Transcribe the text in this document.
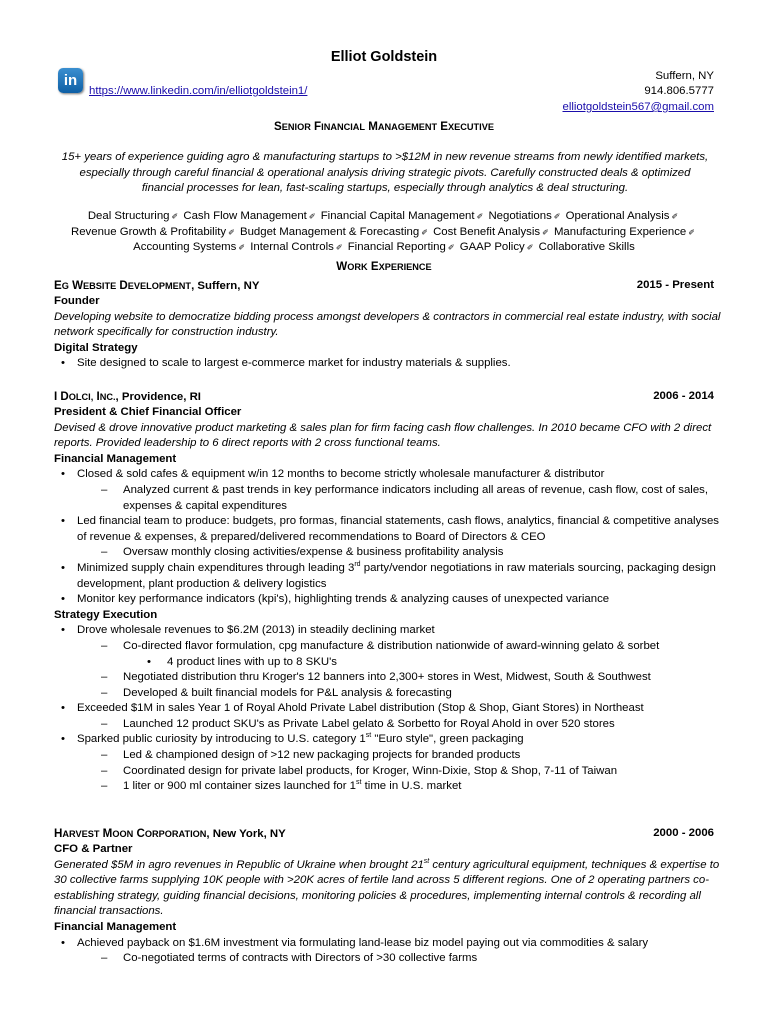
Elliot Goldstein
in
https://www.linkedin.com/in/elliotgoldstein1/
Suffern, NY
914.806.5777
elliotgoldstein567@gmail.com
SENIOR FINANCIAL MANAGEMENT EXECUTIVE
15+ years of experience guiding agro & manufacturing startups to >$12M in new revenue streams from newly identified markets, especially through careful financial & operational analysis driving strategic pivots. Carefully constructed deals & optimized financial processes for lean, fast-scaling startups, especially through analytics & deal structuring.
Deal Structuring ✐ Cash Flow Management ✐ Financial Capital Management ✐ Negotiations ✐ Operational Analysis ✐ Revenue Growth & Profitability ✐ Budget Management & Forecasting ✐ Cost Benefit Analysis ✐ Manufacturing Experience ✐ Accounting Systems ✐ Internal Controls ✐ Financial Reporting ✐ GAAP Policy ✐ Collaborative Skills
WORK EXPERIENCE
EG WEBSITE DEVELOPMENT, Suffern, NY	2015 - Present
Founder
Developing website to democratize bidding process amongst developers & contractors in commercial real estate industry, with social network specifically for construction industry.
Digital Strategy
• Site designed to scale to largest e-commerce market for industry materials & supplies.
I DOLCI, INC., Providence, RI	2006 - 2014
President & Chief Financial Officer
Devised & drove innovative product marketing & sales plan for firm facing cash flow challenges. In 2010 became CFO with 2 direct reports. Provided leadership to 6 direct reports with 2 cross functional teams.
Financial Management
• Closed & sold cafes & equipment w/in 12 months to become strictly wholesale manufacturer & distributor
– Analyzed current & past trends in key performance indicators including all areas of revenue, cash flow, cost of sales, expenses & capital expenditures
• Led financial team to produce: budgets, pro formas, financial statements, cash flows, analytics, financial & competitive analyses of revenue & expenses, & prepared/delivered recommendations to Board of Directors & CEO
– Oversaw monthly closing activities/expense & business profitability analysis
• Minimized supply chain expenditures through leading 3rd party/vendor negotiations in raw materials sourcing, packaging design development, plant production & delivery logistics
• Monitor key performance indicators (kpi's), highlighting trends & analyzing causes of unexpected variance
Strategy Execution
• Drove wholesale revenues to $6.2M (2013) in steadily declining market
– Co-directed flavor formulation, cpg manufacture & distribution nationwide of award-winning gelato & sorbet
• 4 product lines with up to 8 SKU's
– Negotiated distribution thru Kroger's 12 banners into 2,300+ stores in West, Midwest, South & Southwest
– Developed & built financial models for P&L analysis & forecasting
• Exceeded $1M in sales Year 1 of Royal Ahold Private Label distribution (Stop & Shop, Giant Stores) in Northeast
– Launched 12 product SKU's as Private Label gelato & Sorbetto for Royal Ahold in over 520 stores
• Sparked public curiosity by introducing to U.S. category 1st "Euro style", green packaging
– Led & championed design of >12 new packaging projects for branded products
– Coordinated design for private label products, for Kroger, Winn-Dixie, Stop & Shop, 7-11 of Taiwan
– 1 liter or 900 ml container sizes launched for 1st time in U.S. market
HARVEST MOON CORPORATION, New York, NY	2000 - 2006
CFO & Partner
Generated $5M in agro revenues in Republic of Ukraine when brought 21st century agricultural equipment, techniques & expertise to 30 collective farms supplying 10K people with >20K acres of fertile land across 5 different regions. One of 2 operating partners co-establishing strategy, guiding financial decisions, monitoring policies & procedures, implementing internal controls & recording all financial transactions.
Financial Management
• Achieved payback on $1.6M investment via formulating land-lease biz model paying out via commodities & salary
– Co-negotiated terms of contracts with Directors of >30 collective farms
